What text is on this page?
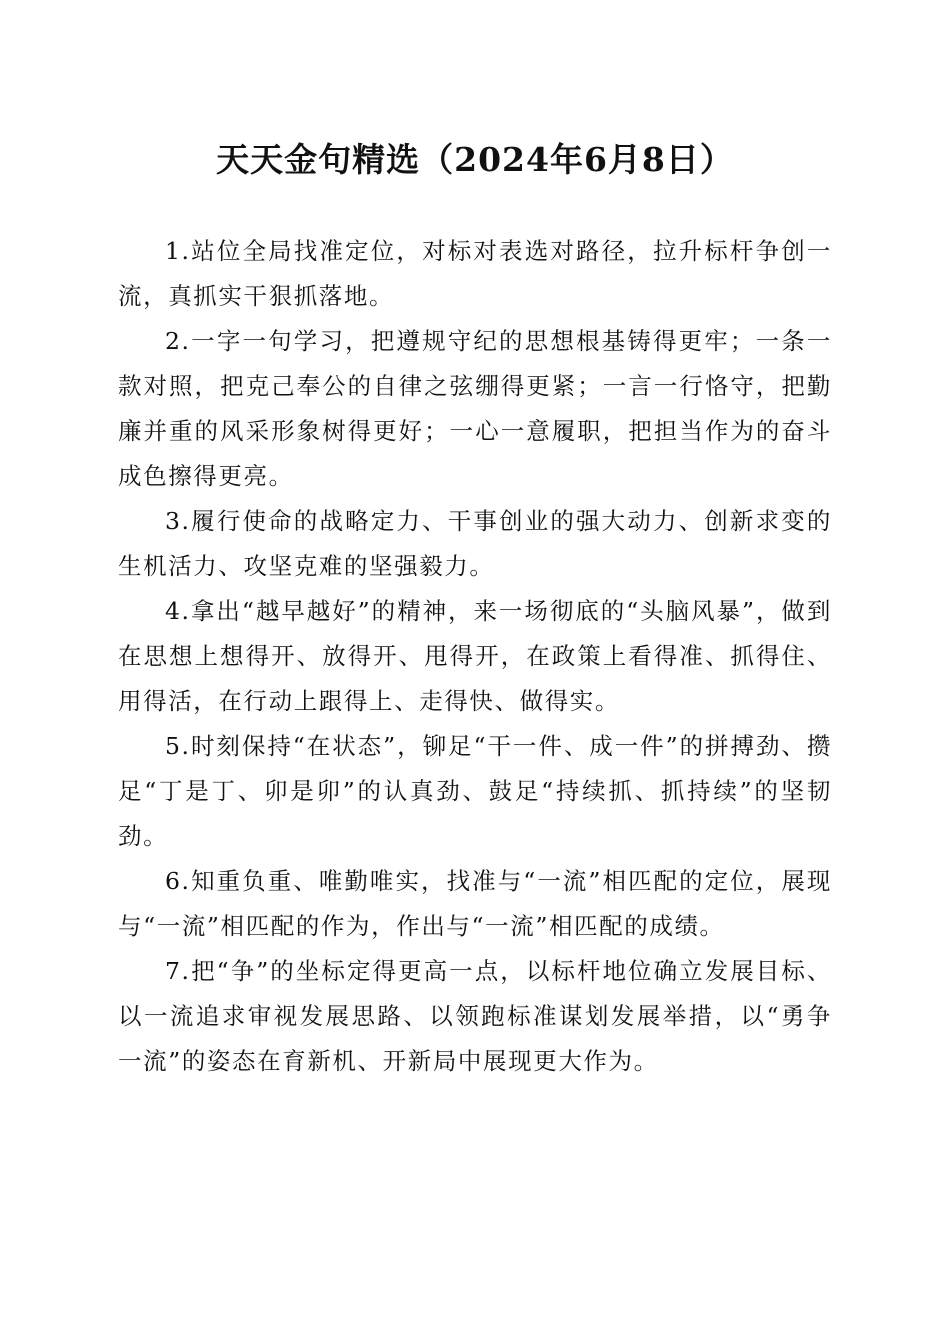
天天金句精选（2024年6月8日）

1.站位全局找准定位，对标对表选对路径，拉升标杆争创一流，真抓实干狠抓落地。

2.一字一句学习，把遵规守纪的思想根基铸得更牢；一条一款对照，把克己奉公的自律之弦绷得更紧；一言一行恪守，把勤廉并重的风采形象树得更好；一心一意履职，把担当作为的奋斗成色擦得更亮。

3.履行使命的战略定力、干事创业的强大动力、创新求变的生机活力、攻坚克难的坚强毅力。

4.拿出“越早越好”的精神，来一场彻底的“头脑风暴”，做到在思想上想得开、放得开、甩得开，在政策上看得准、抓得住、用得活，在行动上跟得上、走得快、做得实。

5.时刻保持“在状态”，铆足“干一件、成一件”的拼搏劲、攒足“丁是丁、卯是卯”的认真劲、鼓足“持续抓、抓持续”的坚韧劲。

6.知重负重、唯勤唯实，找准与“一流”相匹配的定位，展现与“一流”相匹配的作为，作出与“一流”相匹配的成绩。

7.把“争”的坐标定得更高一点，以标杆地位确立发展目标、以一流追求审视发展思路、以领跑标准谋划发展举措，以“勇争一流”的姿态在育新机、开新局中展现更大作为。
